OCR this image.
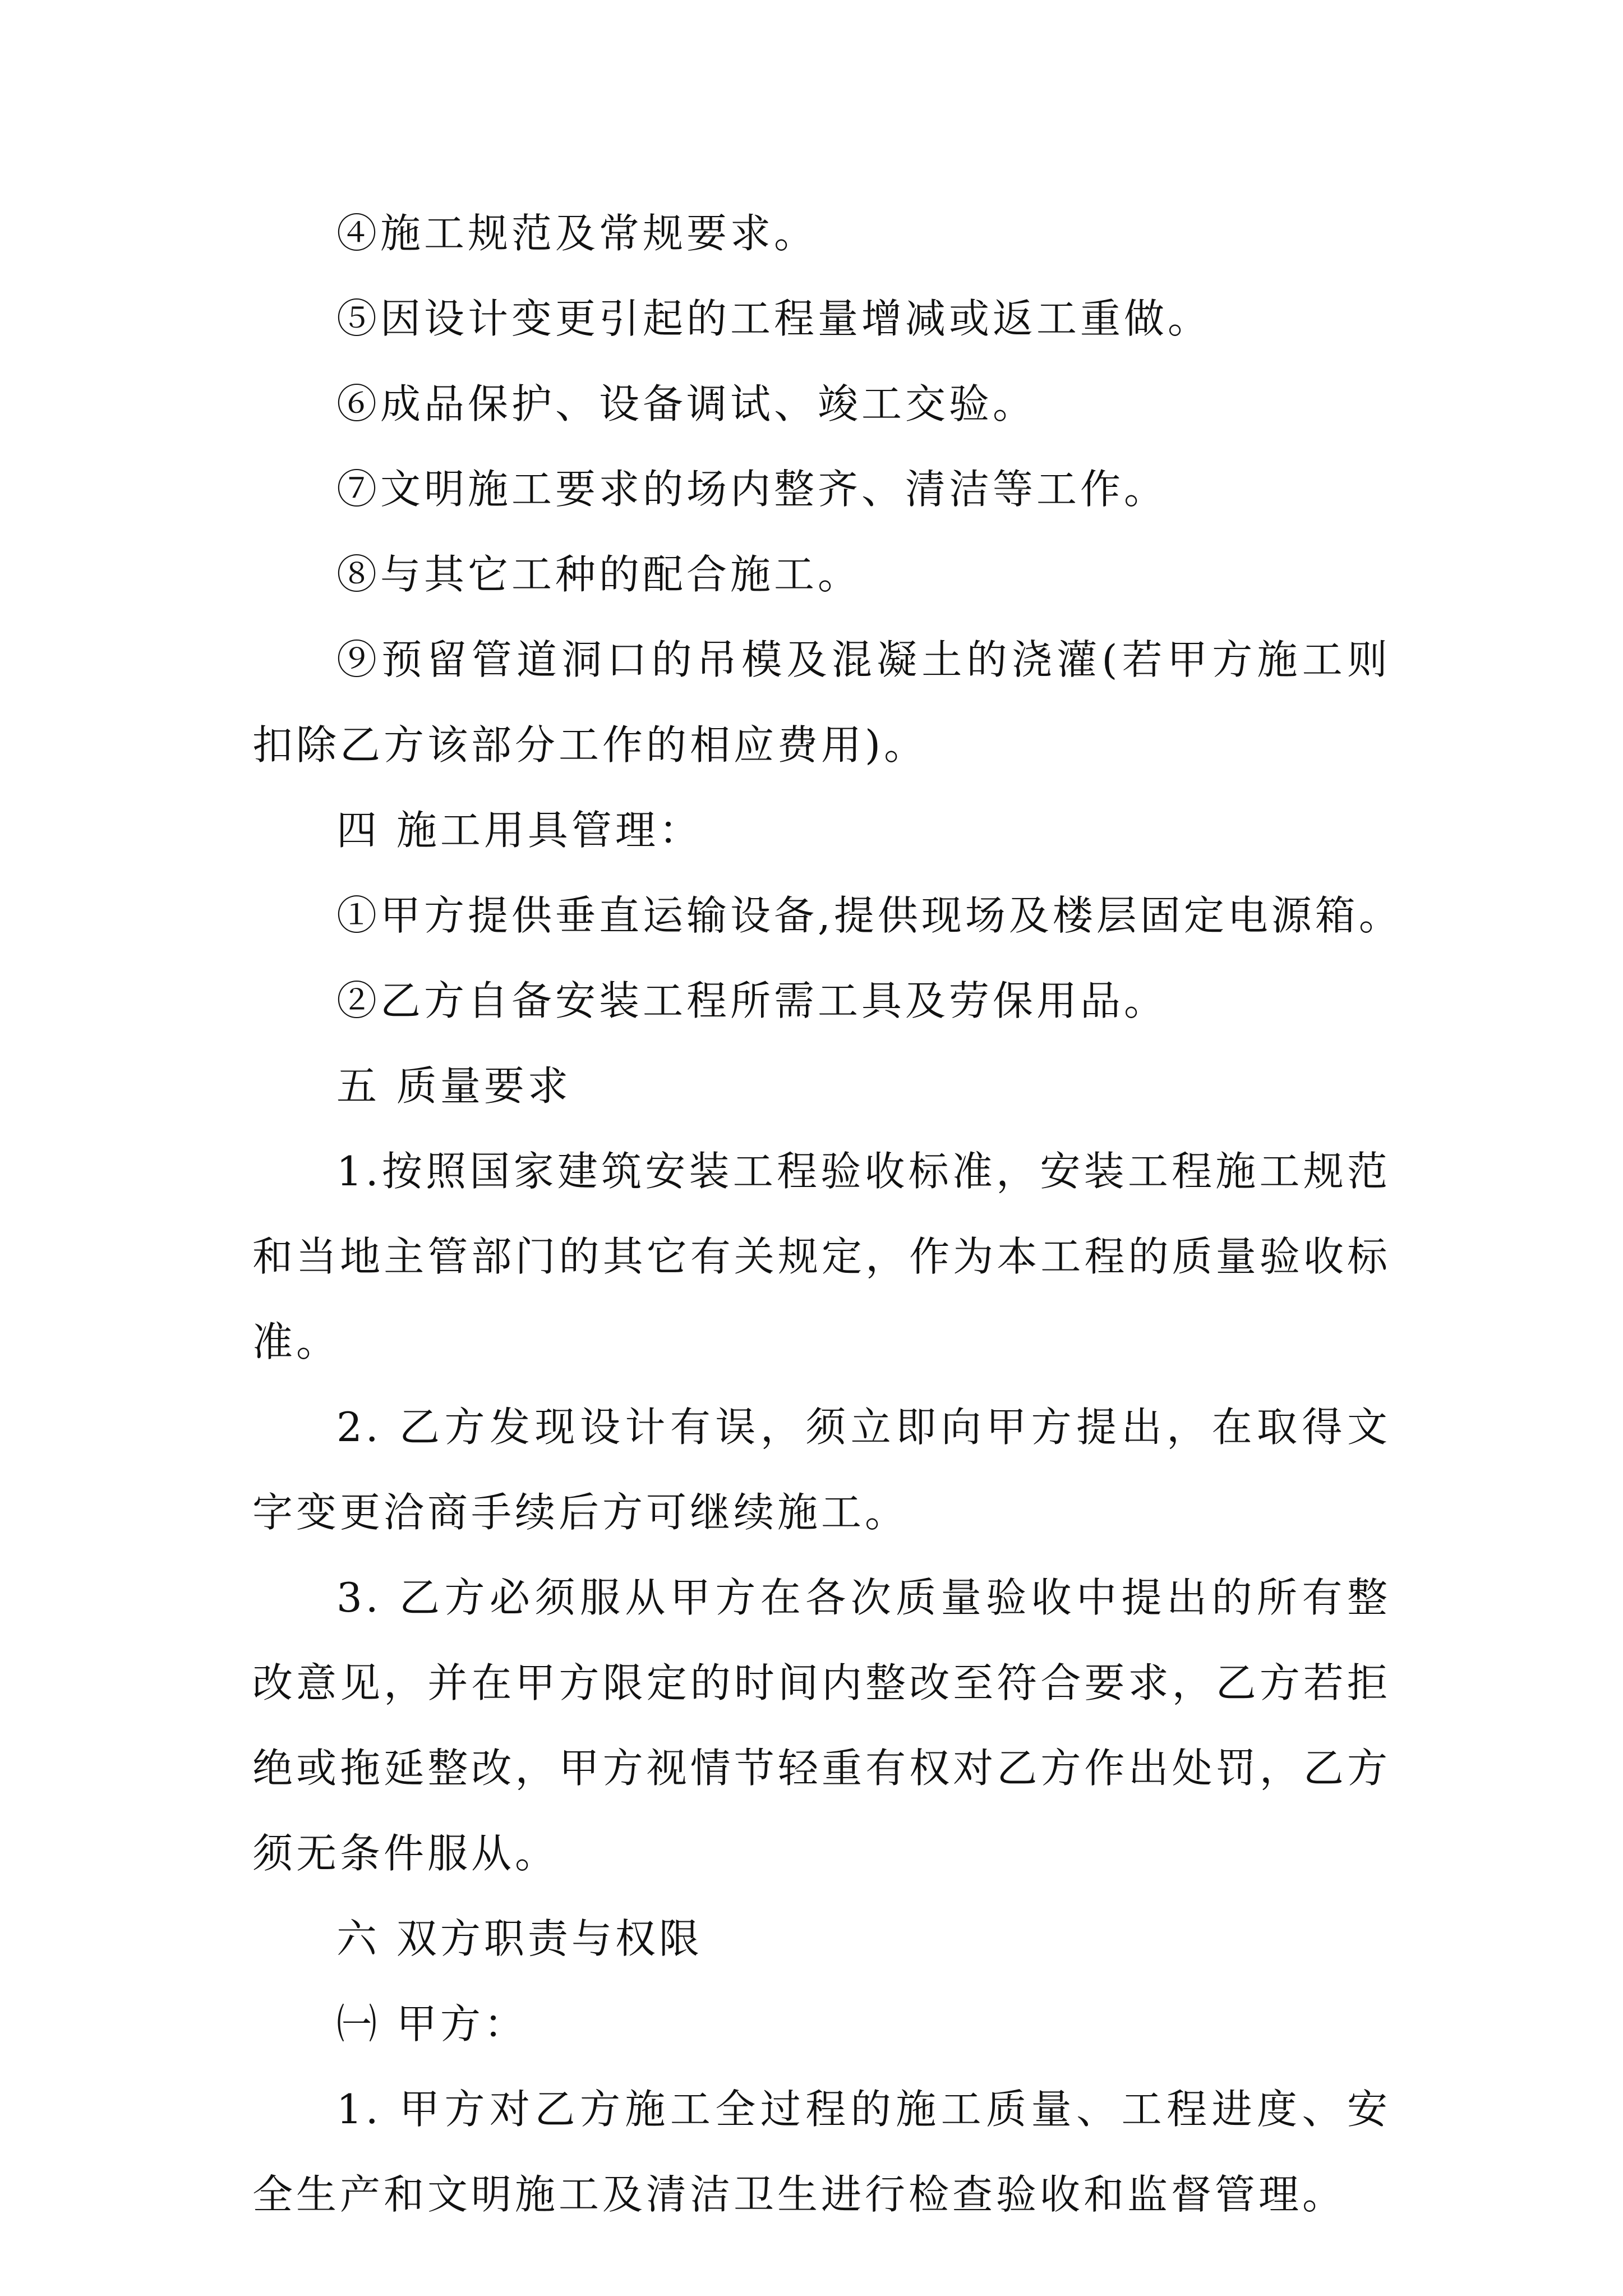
④施工规范及常规要求。
⑤因设计变更引起的工程量增减或返工重做。
⑥成品保护、设备调试、竣工交验。
⑦文明施工要求的场内整齐、清洁等工作。
⑧与其它工种的配合施工。
⑨预留管道洞口的吊模及混凝土的浇灌(若甲方施工则
扣除乙方该部分工作的相应费用)。
四 施工用具管理：
①甲方提供垂直运输设备,提供现场及楼层固定电源箱。
②乙方自备安装工程所需工具及劳保用品。
五 质量要求
1.按照国家建筑安装工程验收标准，安装工程施工规范
和当地主管部门的其它有关规定，作为本工程的质量验收标
准。
2. 乙方发现设计有误，须立即向甲方提出，在取得文
字变更洽商手续后方可继续施工。
3. 乙方必须服从甲方在各次质量验收中提出的所有整
改意见，并在甲方限定的时间内整改至符合要求，乙方若拒
绝或拖延整改，甲方视情节轻重有权对乙方作出处罚，乙方
须无条件服从。
六 双方职责与权限
㈠ 甲方：
1. 甲方对乙方施工全过程的施工质量、工程进度、安
全生产和文明施工及清洁卫生进行检查验收和监督管理。
